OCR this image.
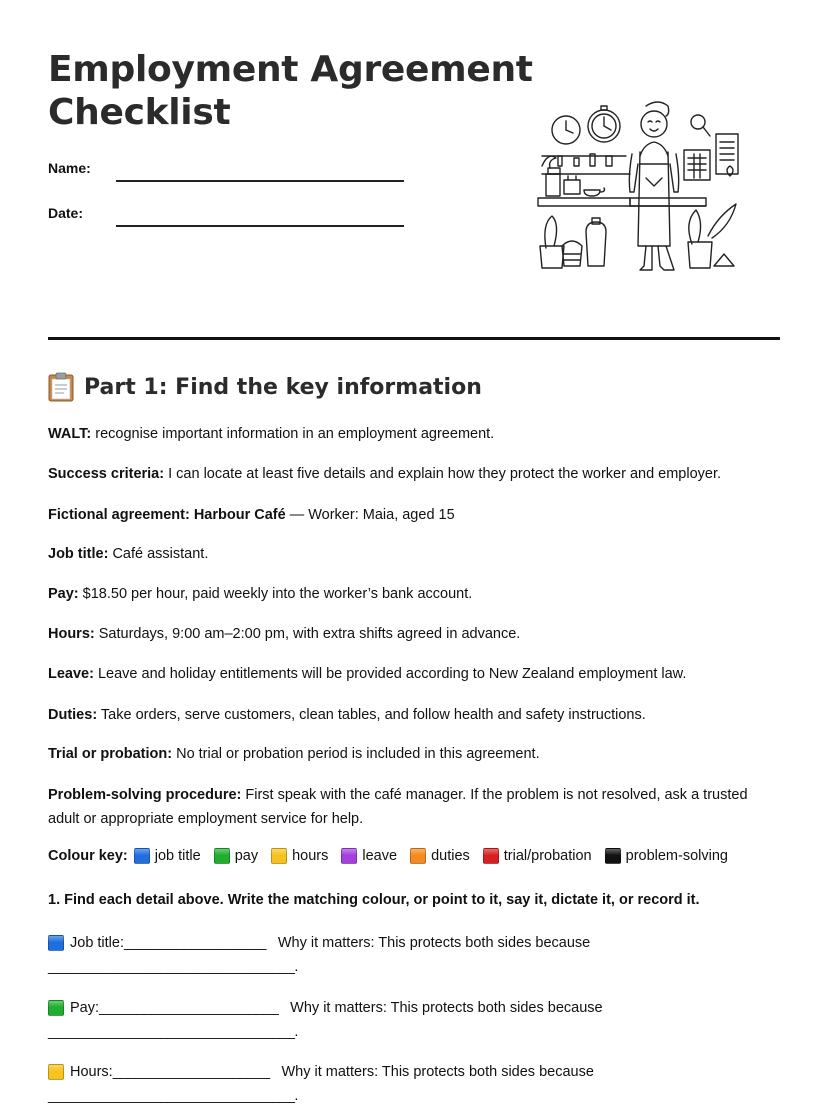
Employment Agreement
Checklist
Name:
Date:
Part 1: Find the key information

WALT: recognise important information in an employment agreement.

Success criteria: I can locate at least five details and explain how they protect the worker and employer.

Fictional agreement: Harbour Café — Worker: Maia, aged 15

Job title: Café assistant.

Pay: $18.50 per hour, paid weekly into the worker’s bank account.

Hours: Saturdays, 9:00 am–2:00 pm, with extra shifts agreed in advance.

Leave: Leave and holiday entitlements will be provided according to New Zealand employment law.

Duties: Take orders, serve customers, clean tables, and follow health and safety instructions.

Trial or probation: No trial or probation period is included in this agreement.

Problem-solving procedure: First speak with the café manager. If the problem is not resolved, ask a trusted adult or appropriate employment service for help.

Colour key: job title pay hours leave duties trial/probation problem-solving
1. Find each detail above. Write the matching colour, or point to it, say it, dictate it, or record it.
Job title: ___________________ Why it matters: This protects both sides because
_________________________________.
Pay: ________________________ Why it matters: This protects both sides because
_________________________________.
Hours: _____________________ Why it matters: This protects both sides because
_________________________________.
